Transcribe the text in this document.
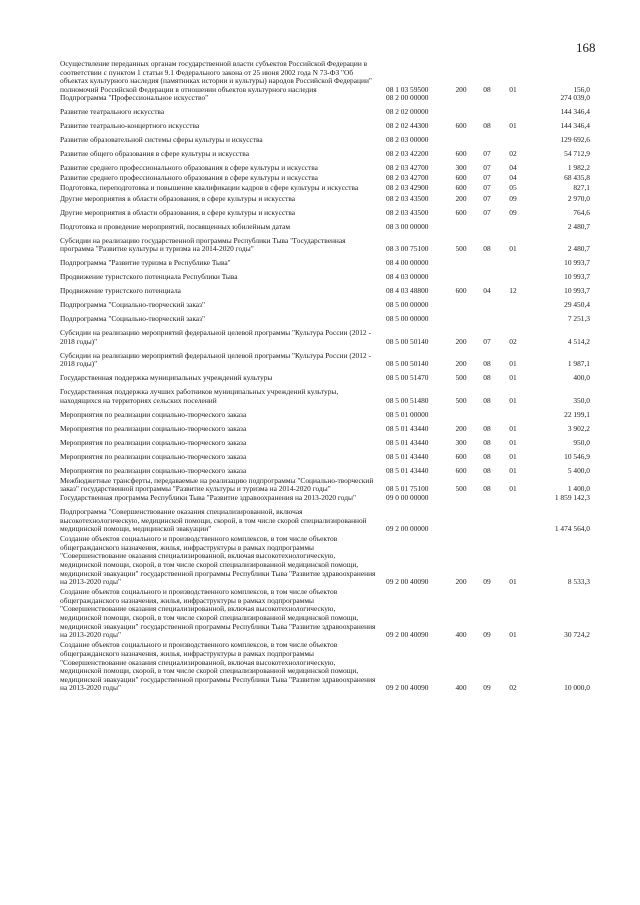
168
Осуществление переданных органам государственной власти субъектов Российской Федерации в соответствии с пунктом 1 статьи 9.1 Федерального закона от 25 июня 2002 года N 73-ФЗ "Об объектах культурного наследия (памятниках истории и культуры) народов Российской Федерации" полномочий Российской Федерации в отношении объектов культурного наследия	08 1 03 59500	200	08	01	156,0
Подпрограмма "Профессиональное искусство"	08 2 00 00000	274 039,0
Развитие театрального искусства	08 2 02 00000	144 346,4
Развитие театрально-концертного искусства	08 2 02 44300	600	08	01	144 346,4
Развитие образовательной системы сферы культуры и искусства	08 2 03 00000	129 692,6
Развитие общего образования в сфере культуры и искусства	08 2 03 42200	600	07	02	54 712,9
Развитие среднего профессионального образования в сфере культуры и искусства	08 2 03 42700	300	07	04	1 982,2
Развитие среднего профессионального образования в сфере культуры и искусства	08 2 03 42700	600	07	04	68 435,8
Подготовка, переподготовка и повышение квалификации кадров в сфере культуры и искусства	08 2 03 42900	600	07	05	827,1
Другие мероприятия в области образования, в сфере культуры и искусства	08 2 03 43500	200	07	09	2 970,0
Другие мероприятия в области образования, в сфере культуры и искусства	08 2 03 43500	600	07	09	764,6
Подготовка и проведение мероприятий, посвященных юбилейным датам	08 3 00 00000	2 480,7
Субсидии на реализацию государственной программы Республики Тыва "Государственная программа "Развитие культуры и туризма на 2014-2020 годы"	08 3 00 75100	500	08	01	2 480,7
Подпрограмма "Развитие туризма в Республике Тыва"	08 4 00 00000	10 993,7
Продвижение туристского потенциала Республики Тыва	08 4 03 00000	10 993,7
Продвижение туристского потенциала	08 4 03 48800	600	04	12	10 993,7
Подпрограмма "Социально-творческий заказ"	08 5 00 00000	29 450,4
Подпрограмма "Социально-творческий заказ"	08 5 00 00000	7 251,3
Субсидии на реализацию мероприятий федеральной целевой программы "Культура России (2012 - 2018 годы)"	08 5 00 50140	200	07	02	4 514,2
Субсидии на реализацию мероприятий федеральной целевой программы "Культура России (2012 - 2018 годы)"	08 5 00 50140	200	08	01	1 987,1
Государственная поддержка муниципальных учреждений культуры	08 5 00 51470	500	08	01	400,0
Государственная поддержка лучших работников муниципальных учреждений культуры, находящихся на территориях сельских поселений	08 5 00 51480	500	08	01	350,0
Мероприятия по реализации социально-творческого заказа	08 5 01 00000	22 199,1
Мероприятия по реализации социально-творческого заказа	08 5 01 43440	200	08	01	3 902,2
Мероприятия по реализации социально-творческого заказа	08 5 01 43440	300	08	01	950,0
Мероприятия по реализации социально-творческого заказа	08 5 01 43440	600	08	01	10 546,9
Мероприятия по реализации социально-творческого заказа	08 5 01 43440	600	08	01	5 400,0
Межбюджетные трансферты, передаваемые на реализацию подпрограммы "Социально-творческий заказ" государственной программы "Развитие культуры и туризма на 2014-2020 годы"	08 5 01 75100	500	08	01	1 400,0
Государственная программа Республики Тыва "Развитие здравоохранения на 2013-2020 годы"	09 0 00 00000	1 859 142,3
Подпрограмма "Совершенствование оказания специализированной, включая высокотехнологическую, медицинской помощи, скорой, в том числе скорой специализированной медицинской помощи, медицинской эвакуации"	09 2 00 00000	1 474 564,0
Создание объектов социального и производственного комплексов, в том числе объектов общегражданского назначения, жилья, инфраструктуры в рамках подпрограммы "Совершенствование оказания специализированной, включая высокотехнологическую, медицинской помощи, скорой, в том числе скорой специализированной медицинской помощи, медицинской эвакуации" государственной программы Республики Тыва "Развитие здравоохранения на 2013-2020 годы"	09 2 00 40090	200	09	01	8 533,3
Создание объектов социального и производственного комплексов, в том числе объектов общегражданского назначения, жилья, инфраструктуры в рамках подпрограммы "Совершенствование оказания специализированной, включая высокотехнологическую, медицинской помощи, скорой, в том числе скорой специализированной медицинской помощи, медицинской эвакуации" государственной программы Республики Тыва "Развитие здравоохранения на 2013-2020 годы"	09 2 00 40090	400	09	01	30 724,2
Создание объектов социального и производственного комплексов, в том числе объектов общегражданского назначения, жилья, инфраструктуры в рамках подпрограммы "Совершенствование оказания специализированной, включая высокотехнологическую, медицинской помощи, скорой, в том числе скорой специализированной медицинской помощи, медицинской эвакуации" государственной программы Республики Тыва "Развитие здравоохранения на 2013-2020 годы"	09 2 00 40090	400	09	02	10 000,0
